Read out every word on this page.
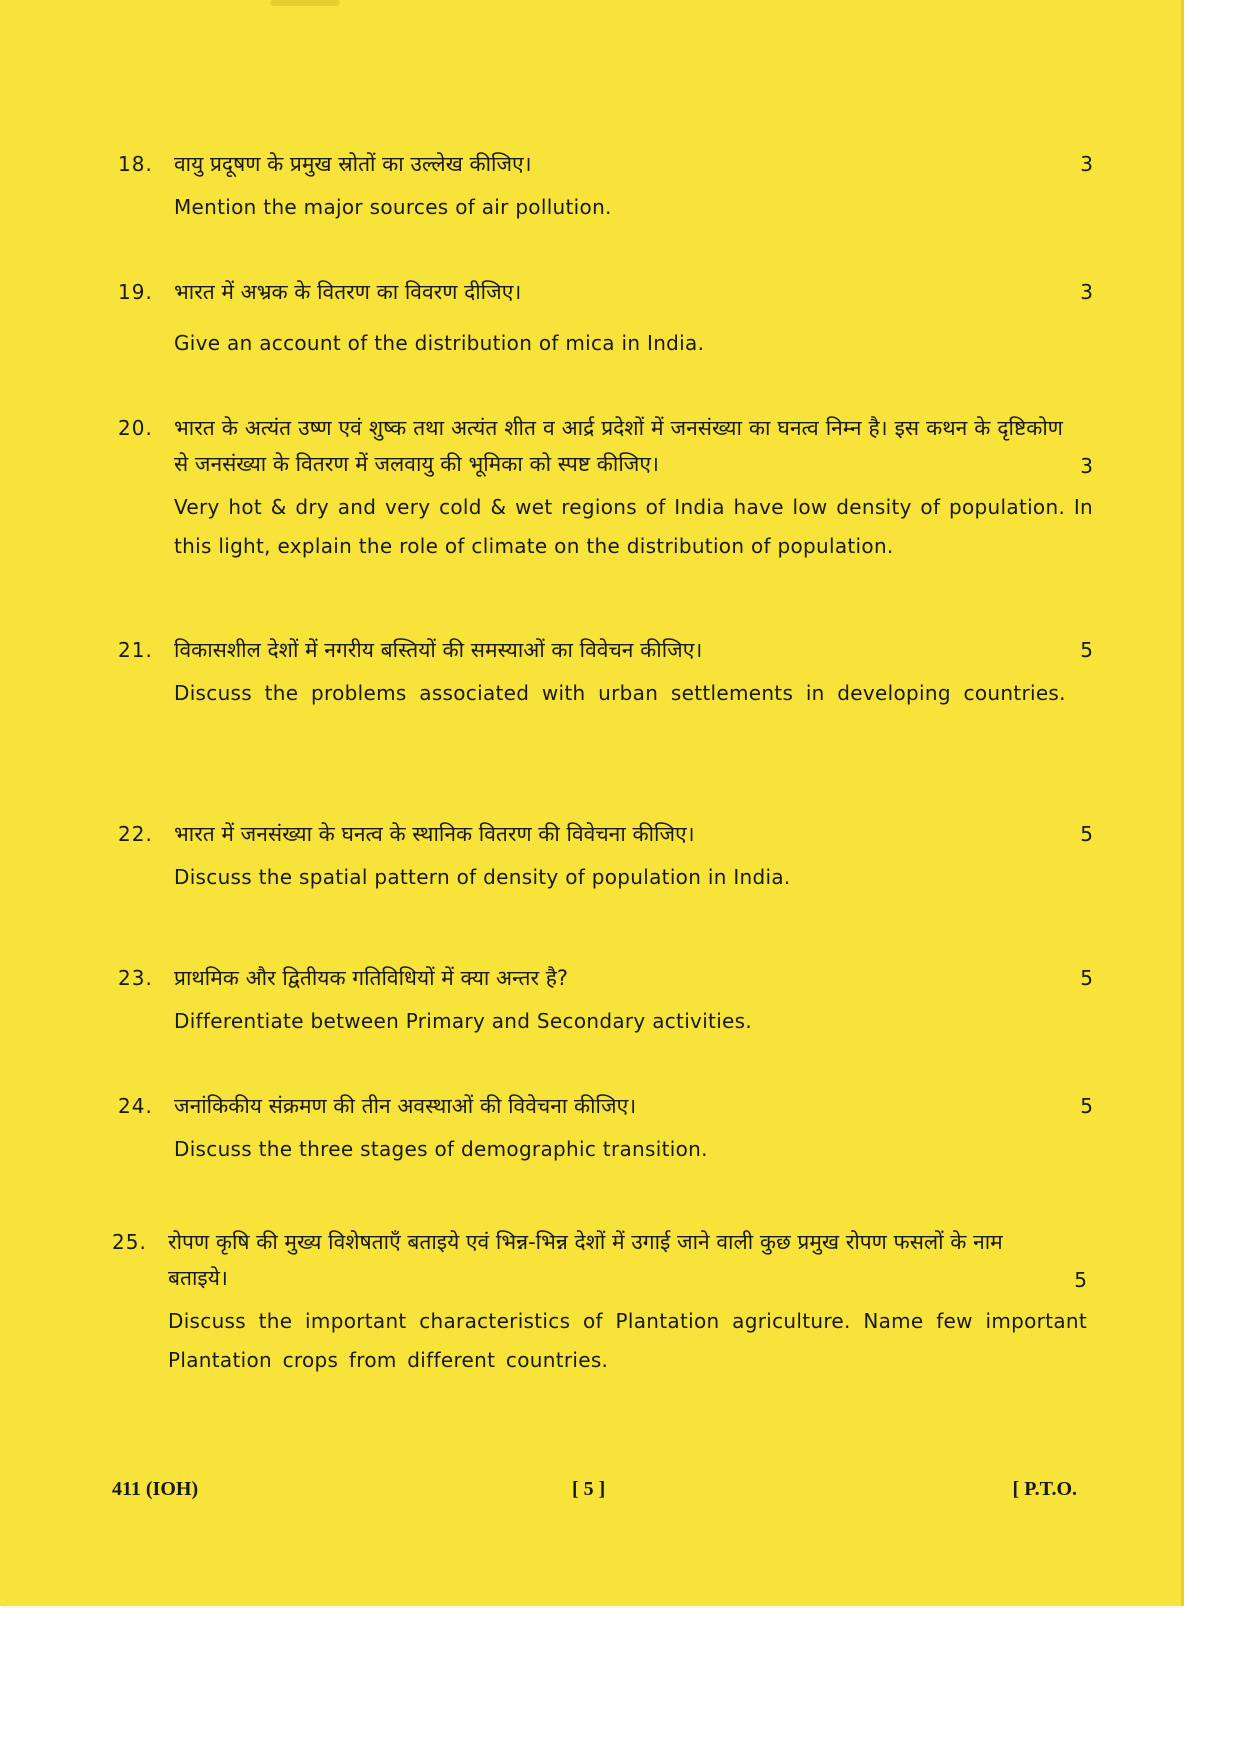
18.	वायु प्रदूषण के प्रमुख स्रोतों का उल्लेख कीजिए।	3
Mention the major sources of air pollution.
19.	भारत में अभ्रक के वितरण का विवरण दीजिए।	3
Give an account of the distribution of mica in India.
20.	भारत के अत्यंत उष्ण एवं शुष्क तथा अत्यंत शीत व आर्द्र प्रदेशों में जनसंख्या का घनत्व निम्न है। इस कथन के दृष्टिकोण से जनसंख्या के वितरण में जलवायु की भूमिका को स्पष्ट कीजिए।	3
Very hot & dry and very cold & wet regions of India have low density of population. In this light, explain the role of climate on the distribution of population.
21.	विकासशील देशों में नगरीय बस्तियों की समस्याओं का विवेचन कीजिए।	5
Discuss the problems associated with urban settlements in developing countries.
22.	भारत में जनसंख्या के घनत्व के स्थानिक वितरण की विवेचना कीजिए।	5
Discuss the spatial pattern of density of population in India.
23.	प्राथमिक और द्वितीयक गतिविधियों में क्या अन्तर है?	5
Differentiate between Primary and Secondary activities.
24.	जनांकिकीय संक्रमण की तीन अवस्थाओं की विवेचना कीजिए।	5
Discuss the three stages of demographic transition.
25.	रोपण कृषि की मुख्य विशेषताएँ बताइये एवं भिन्न-भिन्न देशों में उगाई जाने वाली कुछ प्रमुख रोपण फसलों के नाम बताइये।	5
Discuss the important characteristics of Plantation agriculture. Name few important Plantation crops from different countries.
411 (IOH)	[ 5 ]	[ P.T.O.
